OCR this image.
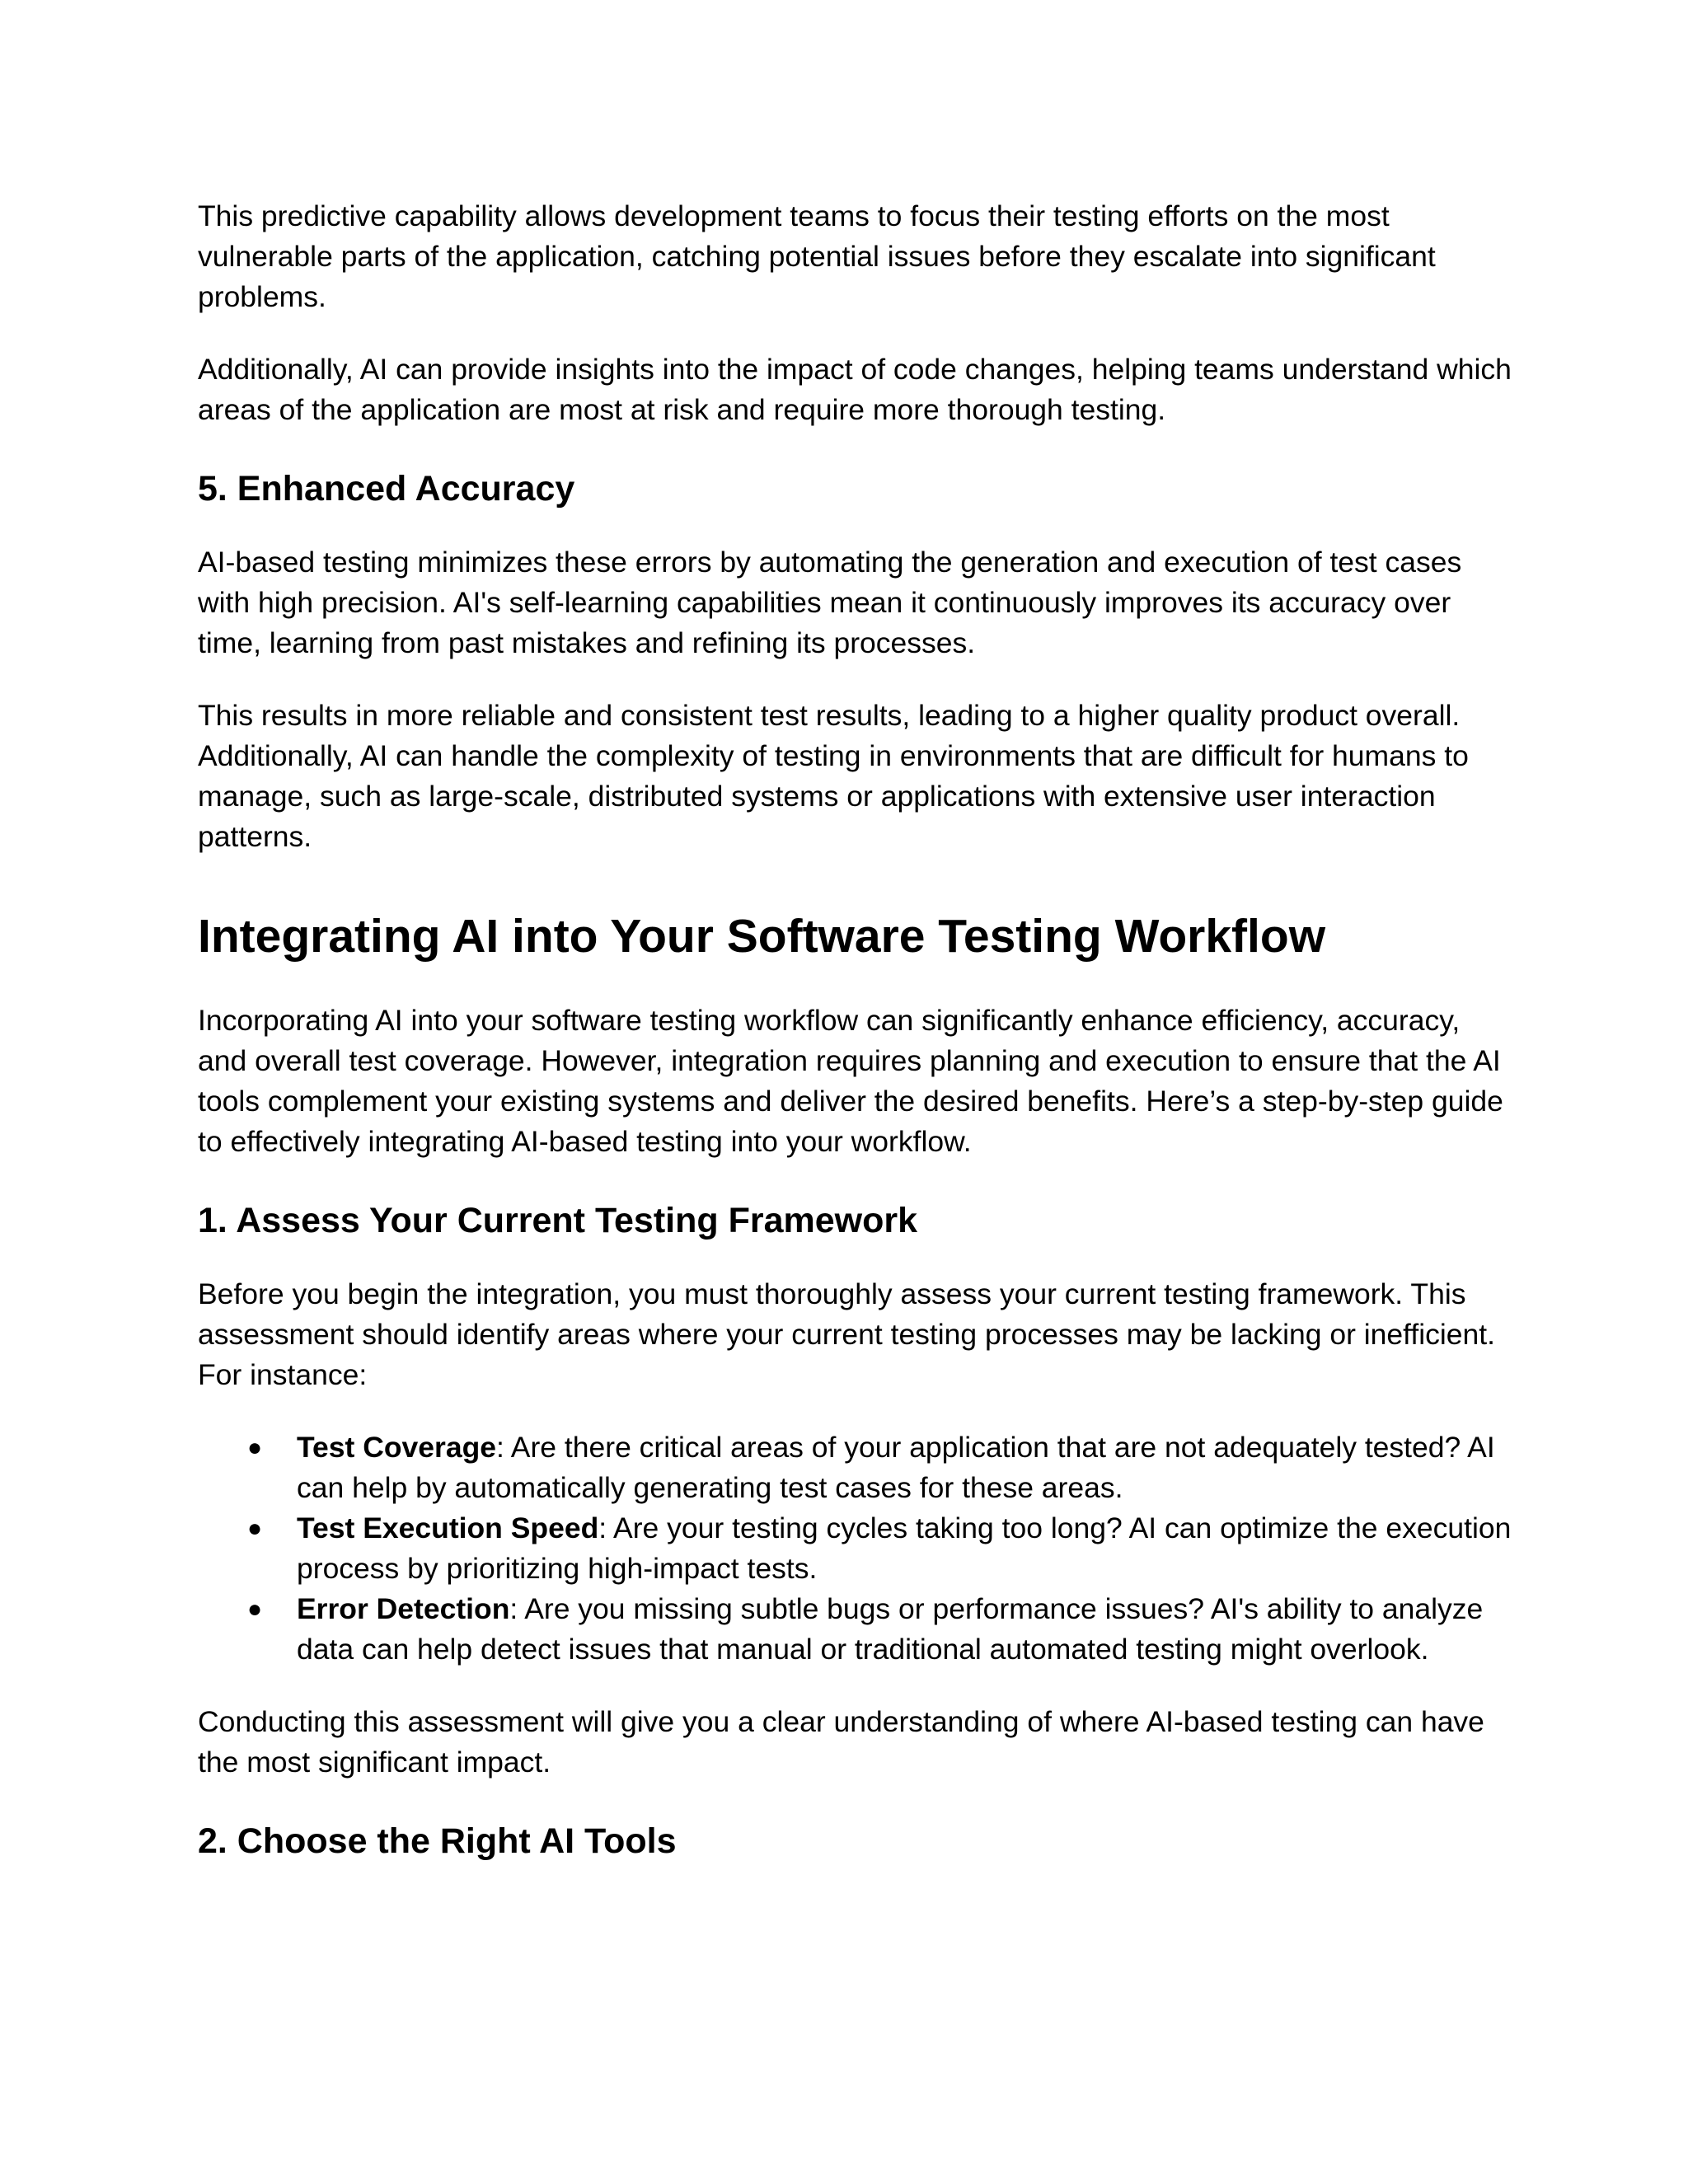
This predictive capability allows development teams to focus their testing efforts on the most vulnerable parts of the application, catching potential issues before they escalate into significant problems.

Additionally, AI can provide insights into the impact of code changes, helping teams understand which areas of the application are most at risk and require more thorough testing.

5. Enhanced Accuracy

AI-based testing minimizes these errors by automating the generation and execution of test cases with high precision. AI's self-learning capabilities mean it continuously improves its accuracy over time, learning from past mistakes and refining its processes.

This results in more reliable and consistent test results, leading to a higher quality product overall. Additionally, AI can handle the complexity of testing in environments that are difficult for humans to manage, such as large-scale, distributed systems or applications with extensive user interaction patterns.

Integrating AI into Your Software Testing Workflow

Incorporating AI into your software testing workflow can significantly enhance efficiency, accuracy, and overall test coverage. However, integration requires planning and execution to ensure that the AI tools complement your existing systems and deliver the desired benefits. Here’s a step-by-step guide to effectively integrating AI-based testing into your workflow.

1. Assess Your Current Testing Framework

Before you begin the integration, you must thoroughly assess your current testing framework. This assessment should identify areas where your current testing processes may be lacking or inefficient. For instance:

● Test Coverage: Are there critical areas of your application that are not adequately tested? AI can help by automatically generating test cases for these areas.
● Test Execution Speed: Are your testing cycles taking too long? AI can optimize the execution process by prioritizing high-impact tests.
● Error Detection: Are you missing subtle bugs or performance issues? AI's ability to analyze data can help detect issues that manual or traditional automated testing might overlook.

Conducting this assessment will give you a clear understanding of where AI-based testing can have the most significant impact.

2. Choose the Right AI Tools
